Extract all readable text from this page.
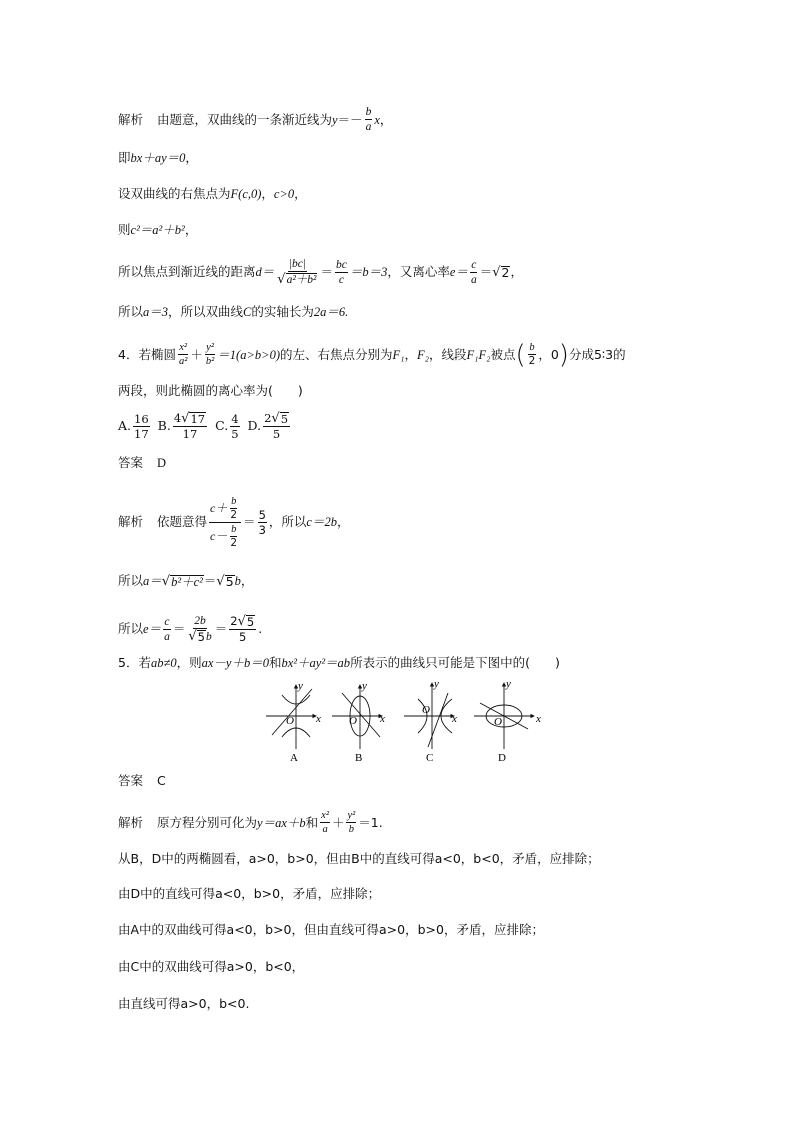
解析 由题意，双曲线的一条渐近线为 $y =- \frac{b}{a}$ x ，
即 bx＋ay＝0 ，
设双曲线的右焦点为 F(c,0) ， c>0 ，
则 c²＝a²＋b² ，
所以焦点到渐近线的距离 $d= \frac{|bc|}{\text{√ a²＋b²}} = \frac{bc}{c} =b=3$ ，又离心率 $e= \frac{c}{a}$ ＝ √ 2 ，
所以 a＝3 ，所以双曲线 C 的实轴长为 2a＝6.
4．若椭圆 $\frac{\text{x²}}{\text{a²}} + \frac{\text{y²}}{\text{b²}} =1(a>b>0)$ 的左、右焦点分别为 F₁ ， F₂ ，线段 F₁F₂ 被点 ( $\frac{b}{2}$ ，0 ) 分成5∶3的
两段，则此椭圆的离心率为(　　)
A. $\frac{16}{17} B$. $\frac{4 √ 17}{17} C$. $\frac{4}{5} D$. $\frac{2 √ 5}{5}$
答案 D
解析 依题意得 $\frac{c+ \frac{b}{2}}{c- \frac{b}{2}} = \frac{5}{3}$ ，所以 c＝2b ，
所以 a＝ √ b²＋c² ＝ √ 5 b ，
所以 $e= \frac{c}{a} = \frac{2b}{√ 5 b} = \frac{2 √ 5}{5}$ .
5．若 ab≠0 ，则 ax－y＋b＝0 和 bx²＋ay²＝ab 所表示的曲线只可能是下图中的(　　)
x
y
O
A
x
y
O
B
x
y
O
C
x
y
O
D
答案 C
解析 原方程分别可化为 y＝ax＋b 和 $\frac{\text{x²}}{a} + \frac{\text{y²}}{b} =1$.
从B，D中的两椭圆看，a>0，b>0，但由B中的直线可得a<0，b<0，矛盾，应排除；
由D中的直线可得a<0，b>0，矛盾，应排除；
由A中的双曲线可得a<0，b>0，但由直线可得a>0，b>0，矛盾，应排除；
由C中的双曲线可得a>0，b<0，
由直线可得a>0，b<0.
